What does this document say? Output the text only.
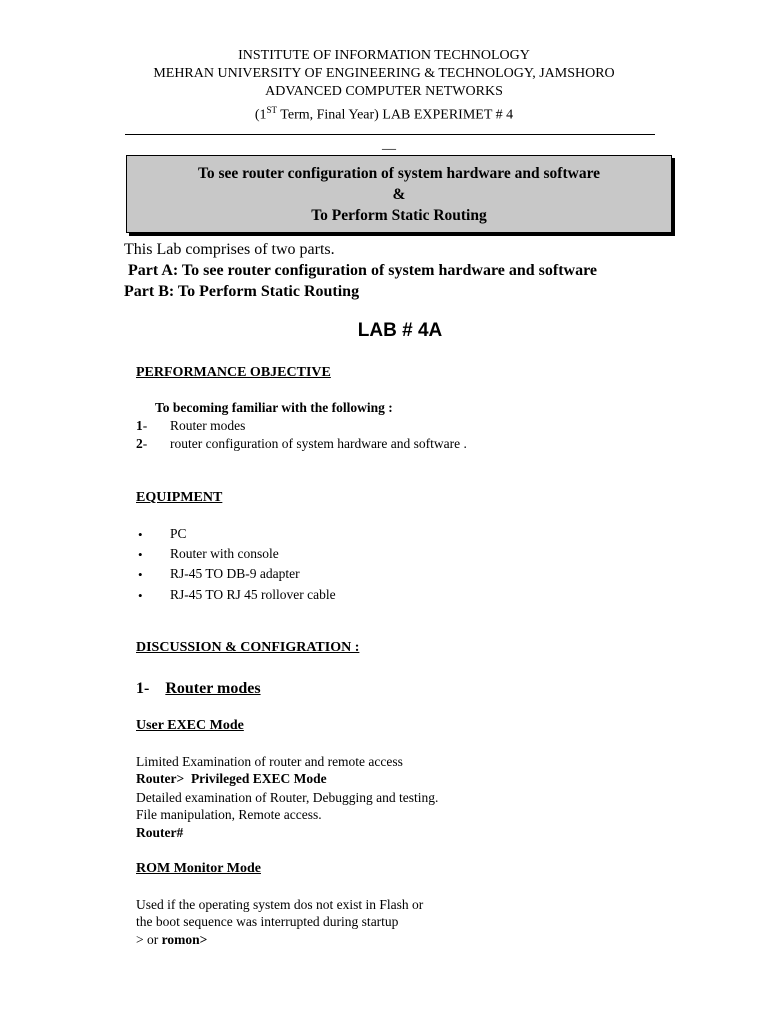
INSTITUTE OF INFORMATION TECHNOLOGY
MEHRAN UNIVERSITY OF ENGINEERING & TECHNOLOGY, JAMSHORO
ADVANCED COMPUTER NETWORKS
(1ST Term, Final Year) LAB EXPERIMET # 4
__
To see router configuration of system hardware and software
&
To Perform Static Routing
This Lab comprises of two parts.
Part A: To see router configuration of system hardware and software
Part B: To Perform Static Routing
LAB # 4A
PERFORMANCE OBJECTIVE
To becoming familiar with the following :
1- Router modes
2- router configuration of system hardware and software .
EQUIPMENT
• PC
• Router with console
• RJ-45 TO DB-9 adapter
• RJ-45 TO RJ 45 rollover cable
DISCUSSION & CONFIGRATION :
1-    Router modes
User EXEC Mode
Limited Examination of router and remote access
Router> Privileged EXEC Mode
Detailed examination of Router, Debugging and testing.
File manipulation, Remote access.
Router#
ROM Monitor Mode
Used if the operating system dos not exist in Flash or
the boot sequence was interrupted during startup
> or romon>
